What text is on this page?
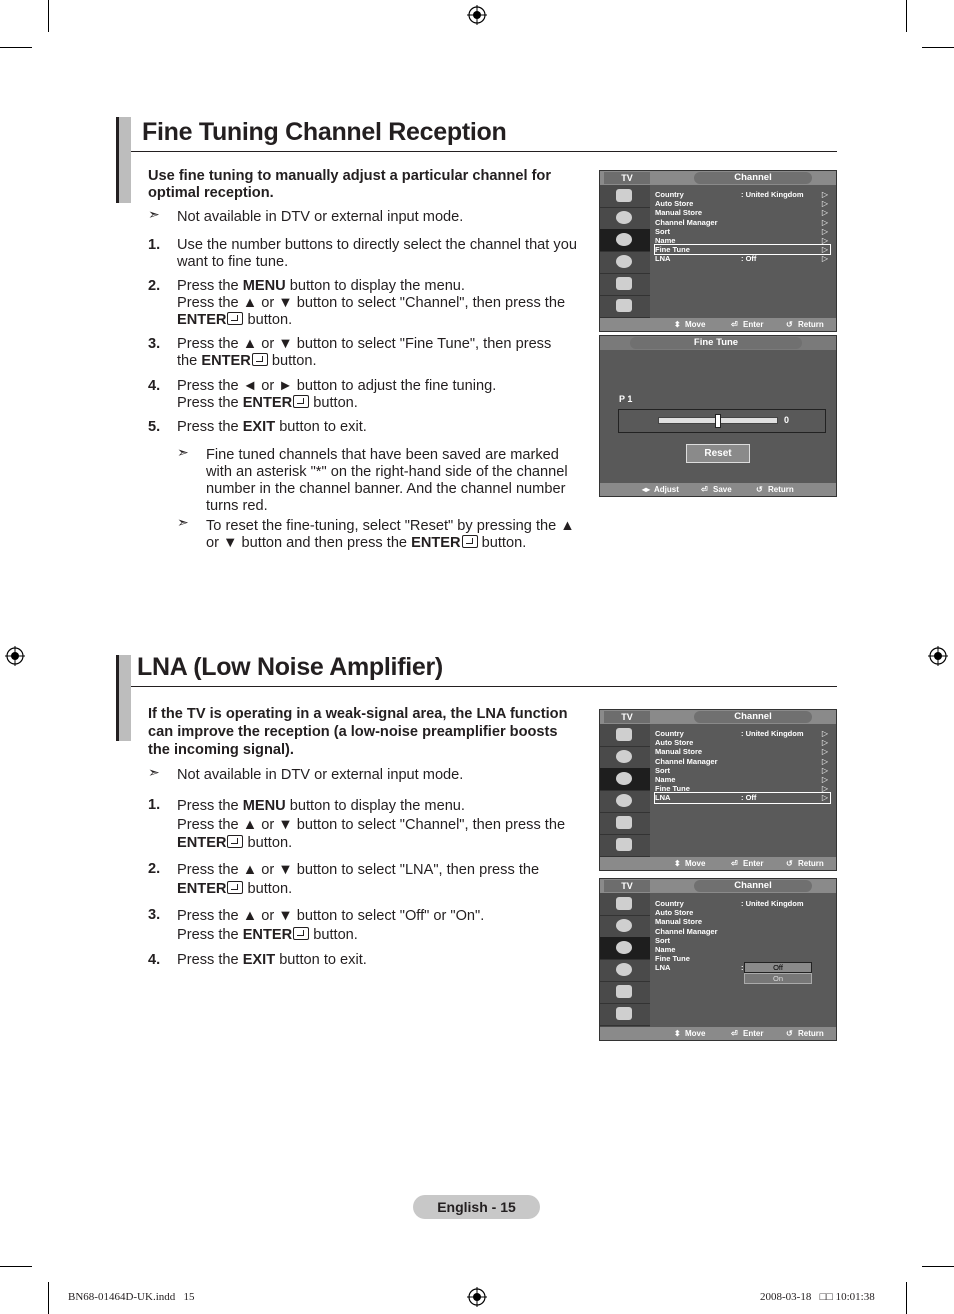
Fine Tuning Channel Reception
Use fine tuning to manually adjust a particular channel for optimal reception.
➣ Not available in DTV or external input mode.
1. Use the number buttons to directly select the channel that you want to fine tune.
2. Press the MENU button to display the menu.
Press the ▲ or ▼ button to select "Channel", then press the
ENTER button.
3. Press the ▲ or ▼ button to select "Fine Tune", then press
the ENTER button.
4. Press the ◄ or ► button to adjust the fine tuning.
Press the ENTER button.
5. Press the EXIT button to exit.
➣ Fine tuned channels that have been saved are marked with an asterisk "*" on the right-hand side of the channel number in the channel banner. And the channel number turns red.
➣ To reset the fine-tuning, select "Reset" by pressing the ▲ or ▼ button and then press the ENTER button.
TV	Channel
Country	: United Kingdom ▷
Auto Store	▷
Manual Store	▷
Channel Manager	▷
Sort	▷
Name	▷
Fine Tune	▷
LNA	: Off	▷
⬍ Move	⏎ Enter	↺ Return
Fine Tune
P 1
0
Reset
◂▸ Adjust	⏎ Save	↺ Return
LNA (Low Noise Amplifier)
If the TV is operating in a weak-signal area, the LNA function can improve the reception (a low-noise preamplifier boosts the incoming signal).
➣ Not available in DTV or external input mode.
1. Press the MENU button to display the menu.
Press the ▲ or ▼ button to select "Channel", then press the
ENTER button.
2. Press the ▲ or ▼ button to select "LNA", then press the
ENTER button.
3. Press the ▲ or ▼ button to select "Off" or "On".
Press the ENTER button.
4. Press the EXIT button to exit.
TV	Channel
Country	: United Kingdom ▷
Auto Store	▷
Manual Store	▷
Channel Manager	▷
Sort	▷
Name	▷
Fine Tune	▷
LNA	: Off	▷
⬍ Move	⏎ Enter	↺ Return
TV	Channel
Country	: United Kingdom
Auto Store
Manual Store
Channel Manager
Sort
Name
Fine Tune
LNA	:	Off
On
⬍ Move	⏎ Enter	↺ Return
English - 15
BN68-01464D-UK.indd   15	2008-03-18   □□ 10:01:38
